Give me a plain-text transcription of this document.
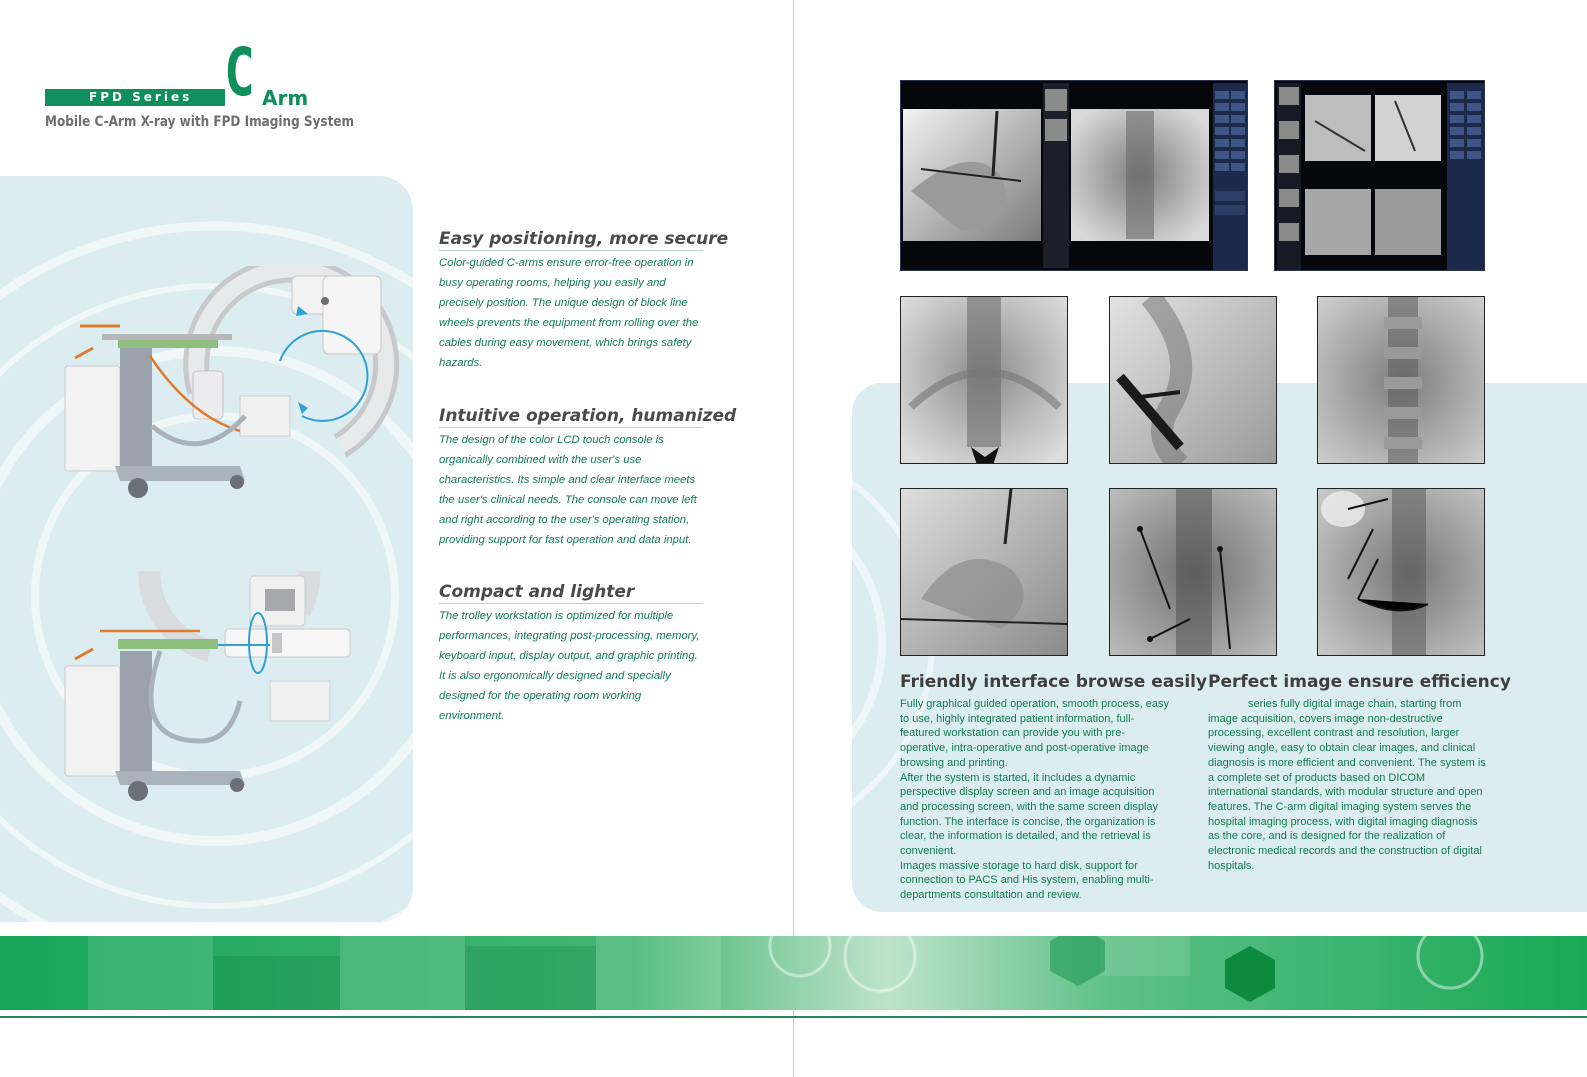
FPD Series C Arm
Mobile C-Arm X-ray with FPD Imaging System
Easy positioning, more secure

Color-guided C-arms ensure error-free operation in busy operating rooms, helping you easily and precisely position. The unique design of block line wheels prevents the equipment from rolling over the cables during easy movement, which brings safety hazards.

Intuitive operation, humanized

The design of the color LCD touch console is organically combined with the user's use characteristics. Its simple and clear interface meets the user's clinical needs. The console can move left and right according to the user's operating station, providing support for fast operation and data input.

Compact and lighter

The trolley workstation is optimized for multiple performances, integrating post-processing, memory, keyboard input, display output, and graphic printing. It is also ergonomically designed and specially designed for the operating room working environment.

Friendly interface browse easily

Fully graphical guided operation, smooth process, easy to use, highly integrated patient information, full-featured workstation can provide you with pre-operative, intra-operative and post-operative image browsing and printing.

After the system is started, it includes a dynamic perspective display screen and an image acquisition and processing screen, with the same screen display function. The interface is concise, the organization is clear, the information is detailed, and the retrieval is convenient.

Images massive storage to hard disk, support for connection to PACS and His system, enabling multi-departments consultation and review.

Perfect image ensure efficiency

series fully digital image chain, starting from image acquisition, covers image non-destructive processing, excellent contrast and resolution, larger viewing angle, easy to obtain clear images, and clinical diagnosis is more efficient and convenient. The system is a complete set of products based on DICOM international standards, with modular structure and open features. The C-arm digital imaging system serves the hospital imaging process, with digital imaging diagnosis as the core, and is designed for the realization of electronic medical records and the construction of digital hospitals.
